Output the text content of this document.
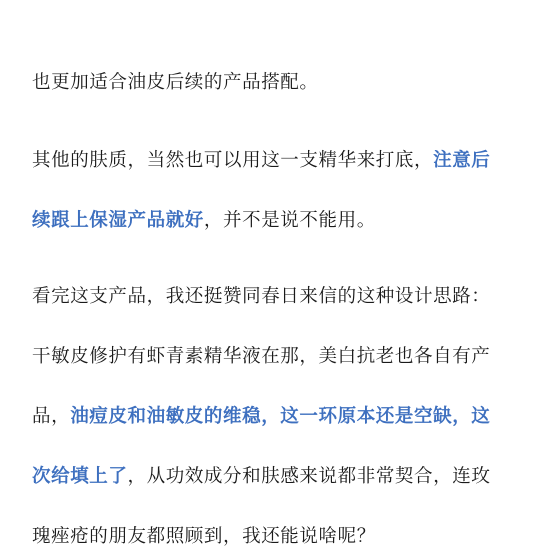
也更加适合油皮后续的产品搭配。
其他的肤质，当然也可以用这一支精华来打底，注意后
续跟上保湿产品就好，并不是说不能用。
看完这支产品，我还挺赞同春日来信的这种设计思路：
干敏皮修护有虾青素精华液在那，美白抗老也各自有产
品，油痘皮和油敏皮的维稳，这一环原本还是空缺，这
次给填上了，从功效成分和肤感来说都非常契合，连玫
瑰痤疮的朋友都照顾到，我还能说啥呢？
